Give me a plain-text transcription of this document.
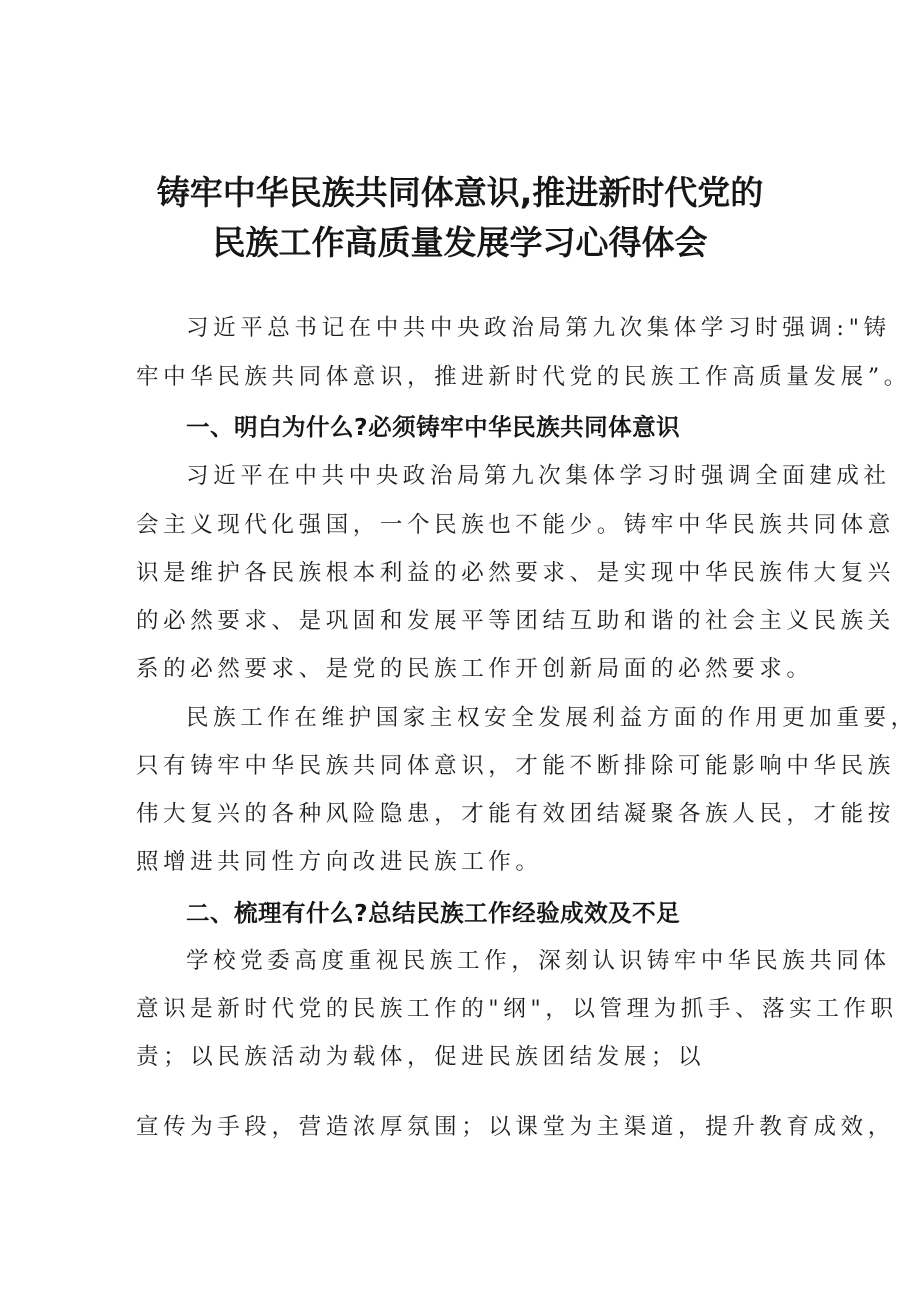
铸牢中华民族共同体意识,推进新时代党的
民族工作高质量发展学习心得体会
习近平总书记在中共中央政治局第九次集体学习时强调:"铸
牢中华民族共同体意识，推进新时代党的民族工作高质量发展”。
一、明白为什么?必须铸牢中华民族共同体意识
习近平在中共中央政治局第九次集体学习时强调全面建成社
会主义现代化强国，一个民族也不能少。铸牢中华民族共同体意
识是维护各民族根本利益的必然要求、是实现中华民族伟大复兴
的必然要求、是巩固和发展平等团结互助和谐的社会主义民族关
系的必然要求、是党的民族工作开创新局面的必然要求。
民族工作在维护国家主权安全发展利益方面的作用更加重要，
只有铸牢中华民族共同体意识，才能不断排除可能影响中华民族
伟大复兴的各种风险隐患，才能有效团结凝聚各族人民，才能按
照增进共同性方向改进民族工作。
二、梳理有什么?总结民族工作经验成效及不足
学校党委高度重视民族工作，深刻认识铸牢中华民族共同体
意识是新时代党的民族工作的"纲"，以管理为抓手、落实工作职
责；以民族活动为载体，促进民族团结发展；以
宣传为手段，营造浓厚氛围；以课堂为主渠道，提升教育成效，
